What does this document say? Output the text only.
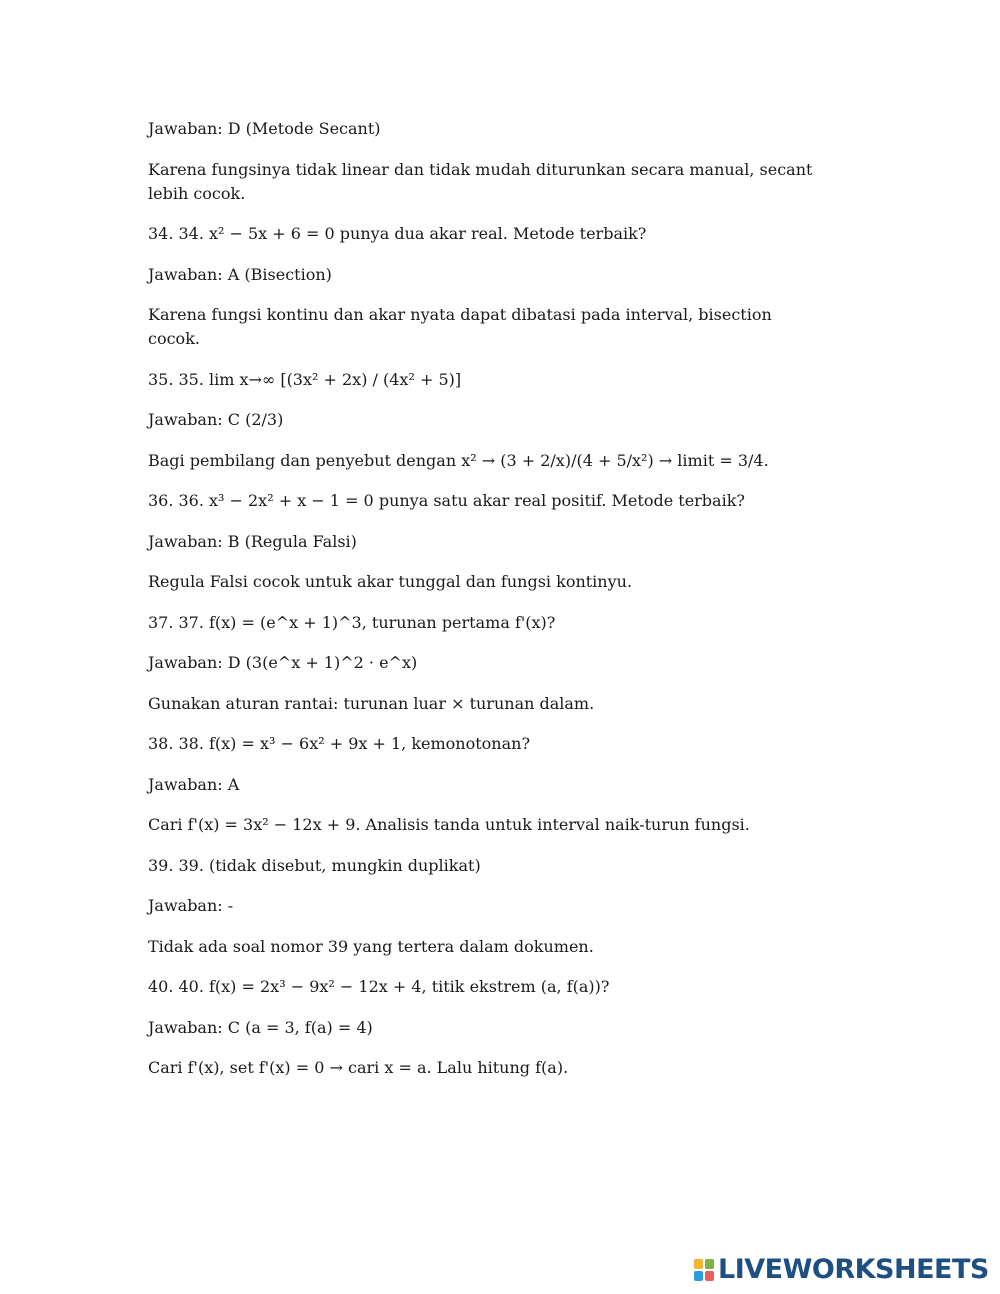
Jawaban: D (Metode Secant)

Karena fungsinya tidak linear dan tidak mudah diturunkan secara manual, secant lebih cocok.

34. 34. x² − 5x + 6 = 0 punya dua akar real. Metode terbaik?

Jawaban: A (Bisection)

Karena fungsi kontinu dan akar nyata dapat dibatasi pada interval, bisection cocok.

35. 35. lim x→∞ [(3x² + 2x) / (4x² + 5)]

Jawaban: C (2/3)

Bagi pembilang dan penyebut dengan x² → (3 + 2/x)/(4 + 5/x²) → limit = 3/4.

36. 36. x³ − 2x² + x − 1 = 0 punya satu akar real positif. Metode terbaik?

Jawaban: B (Regula Falsi)

Regula Falsi cocok untuk akar tunggal dan fungsi kontinyu.

37. 37. f(x) = (e^x + 1)^3, turunan pertama f'(x)?

Jawaban: D (3(e^x + 1)^2 · e^x)

Gunakan aturan rantai: turunan luar × turunan dalam.

38. 38. f(x) = x³ − 6x² + 9x + 1, kemonotonan?

Jawaban: A

Cari f'(x) = 3x² − 12x + 9. Analisis tanda untuk interval naik-turun fungsi.

39. 39. (tidak disebut, mungkin duplikat)

Jawaban: -

Tidak ada soal nomor 39 yang tertera dalam dokumen.

40. 40. f(x) = 2x³ − 9x² − 12x + 4, titik ekstrem (a, f(a))?

Jawaban: C (a = 3, f(a) = 4)

Cari f'(x), set f'(x) = 0 → cari x = a. Lalu hitung f(a).

LIVEWORKSHEETS
